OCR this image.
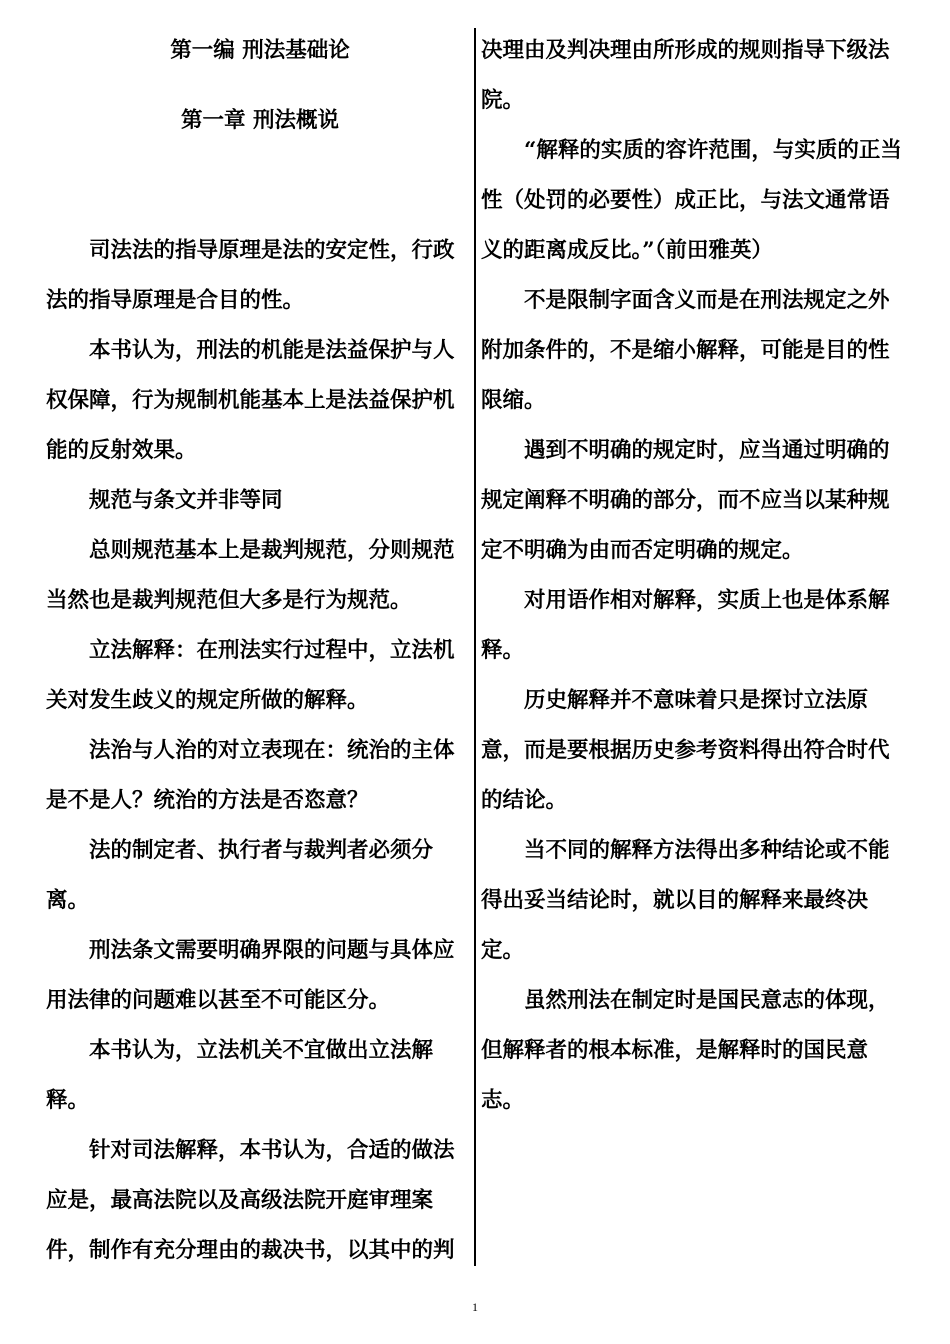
第一编 刑法基础论
第一章 刑法概说

司法法的指导原理是法的安定性，行政法的指导原理是合目的性。

本书认为，刑法的机能是法益保护与人权保障，行为规制机能基本上是法益保护机能的反射效果。

规范与条文并非等同

总则规范基本上是裁判规范，分则规范当然也是裁判规范但大多是行为规范。

立法解释：在刑法实行过程中，立法机关对发生歧义的规定所做的解释。

法治与人治的对立表现在：统治的主体是不是人？统治的方法是否恣意？

法的制定者、执行者与裁判者必须分离。

刑法条文需要明确界限的问题与具体应用法律的问题难以甚至不可能区分。

本书认为，立法机关不宜做出立法解释。

针对司法解释，本书认为，合适的做法应是，最高法院以及高级法院开庭审理案件，制作有充分理由的裁决书，以其中的判

决理由及判决理由所形成的规则指导下级法院。

“解释的实质的容许范围，与实质的正当性（处罚的必要性）成正比，与法文通常语义的距离成反比。”（前田雅英）

不是限制字面含义而是在刑法规定之外附加条件的，不是缩小解释，可能是目的性限缩。

遇到不明确的规定时，应当通过明确的规定阐释不明确的部分，而不应当以某种规定不明确为由而否定明确的规定。

对用语作相对解释，实质上也是体系解释。

历史解释并不意味着只是探讨立法原意，而是要根据历史参考资料得出符合时代的结论。

当不同的解释方法得出多种结论或不能得出妥当结论时，就以目的解释来最终决定。

虽然刑法在制定时是国民意志的体现，但解释者的根本标准，是解释时的国民意志。

1
